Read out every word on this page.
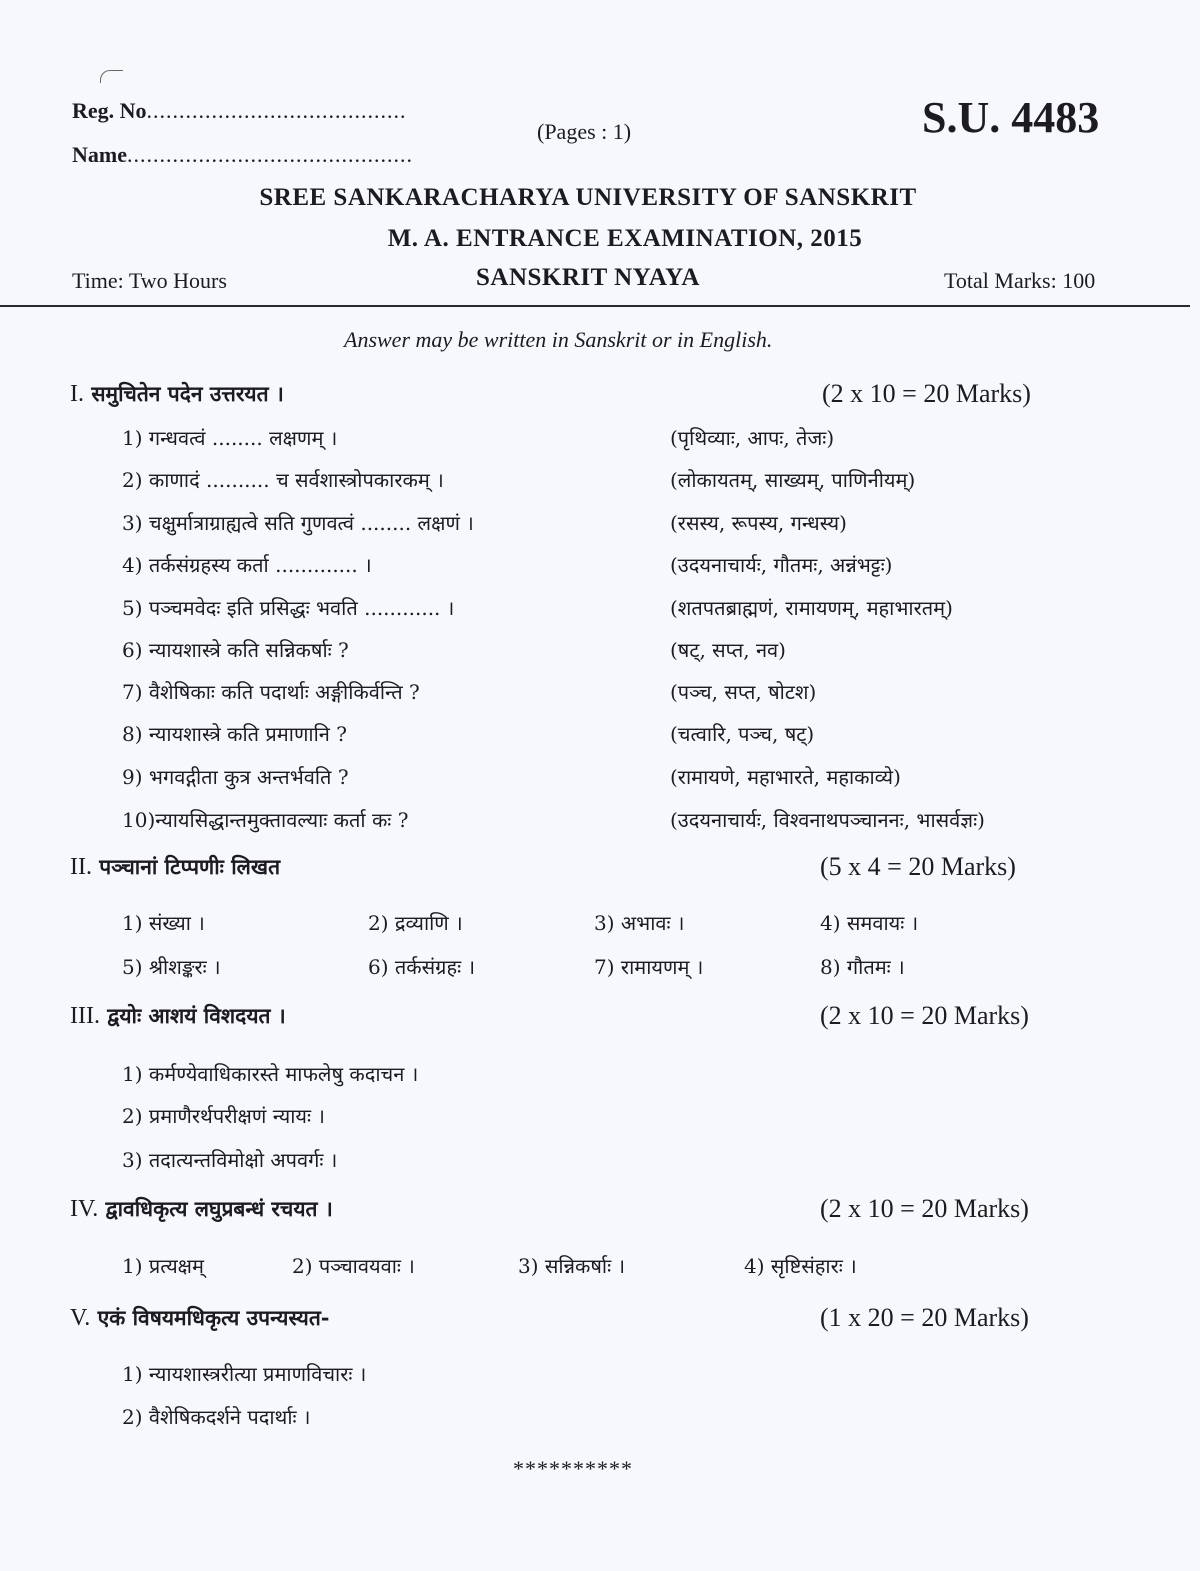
Reg. No........................................
Name............................................
(Pages : 1)	S.U. 4483
SREE SANKARACHARYA UNIVERSITY OF SANSKRIT
M. A. ENTRANCE EXAMINATION, 2015
SANSKRIT NYAYA
Time: Two Hours	Total Marks: 100
Answer may be written in Sanskrit or in English.
I. समुचितेन पदेन उत्तरयत ।	(2 x 10 = 20 Marks)
1) गन्धवत्वं ........ लक्षणम् ।	(पृथिव्याः, आपः, तेजः)
2) काणादं .......... च सर्वशास्त्रोपकारकम् ।	(लोकायतम्, साख्यम्, पाणिनीयम्)
3) चक्षुर्मात्राग्राह्यत्वे सति गुणवत्वं ........ लक्षणं ।	(रसस्य, रूपस्य, गन्धस्य)
4) तर्कसंग्रहस्य कर्ता ............. ।	(उदयनाचार्यः, गौतमः, अन्नंभट्टः)
5) पञ्चमवेदः इति प्रसिद्धः भवति ............ ।	(शतपतब्राह्मणं, रामायणम्, महाभारतम्)
6) न्यायशास्त्रे कति सन्निकर्षाः ?	(षट्, सप्त, नव)
7) वैशेषिकाः कति पदार्थाः अङ्गीकिर्वन्ति ?	(पञ्च, सप्त, षोटश)
8) न्यायशास्त्रे कति प्रमाणानि ?	(चत्वारि, पञ्च, षट्)
9) भगवद्गीता कुत्र अन्तर्भवति ?	(रामायणे, महाभारते, महाकाव्ये)
10)न्यायसिद्धान्तमुक्तावल्याः कर्ता कः ?	(उदयनाचार्यः, विश्वनाथपञ्चाननः, भासर्वज्ञः)
II. पञ्चानां टिप्पणीः लिखत	(5 x 4 = 20 Marks)
1) संख्या ।	2) द्रव्याणि ।	3) अभावः ।	4) समवायः ।
5) श्रीशङ्करः ।	6) तर्कसंग्रहः ।	7) रामायणम् ।	8) गौतमः ।
III. द्वयोः आशयं विशदयत ।	(2 x 10 = 20 Marks)
1) कर्मण्येवाधिकारस्ते माफलेषु कदाचन ।
2) प्रमाणैरर्थपरीक्षणं न्यायः ।
3) तदात्यन्तविमोक्षो अपवर्गः ।
IV. द्वावधिकृत्य लघुप्रबन्धं रचयत ।	(2 x 10 = 20 Marks)
1) प्रत्यक्षम्	2) पञ्चावयवाः ।	3) सन्निकर्षाः ।	4) सृष्टिसंहारः ।
V. एकं विषयमधिकृत्य उपन्यस्यत-	(1 x 20 = 20 Marks)
1) न्यायशास्त्ररीत्या प्रमाणविचारः ।
2) वैशेषिकदर्शने पदार्थाः ।
**********
